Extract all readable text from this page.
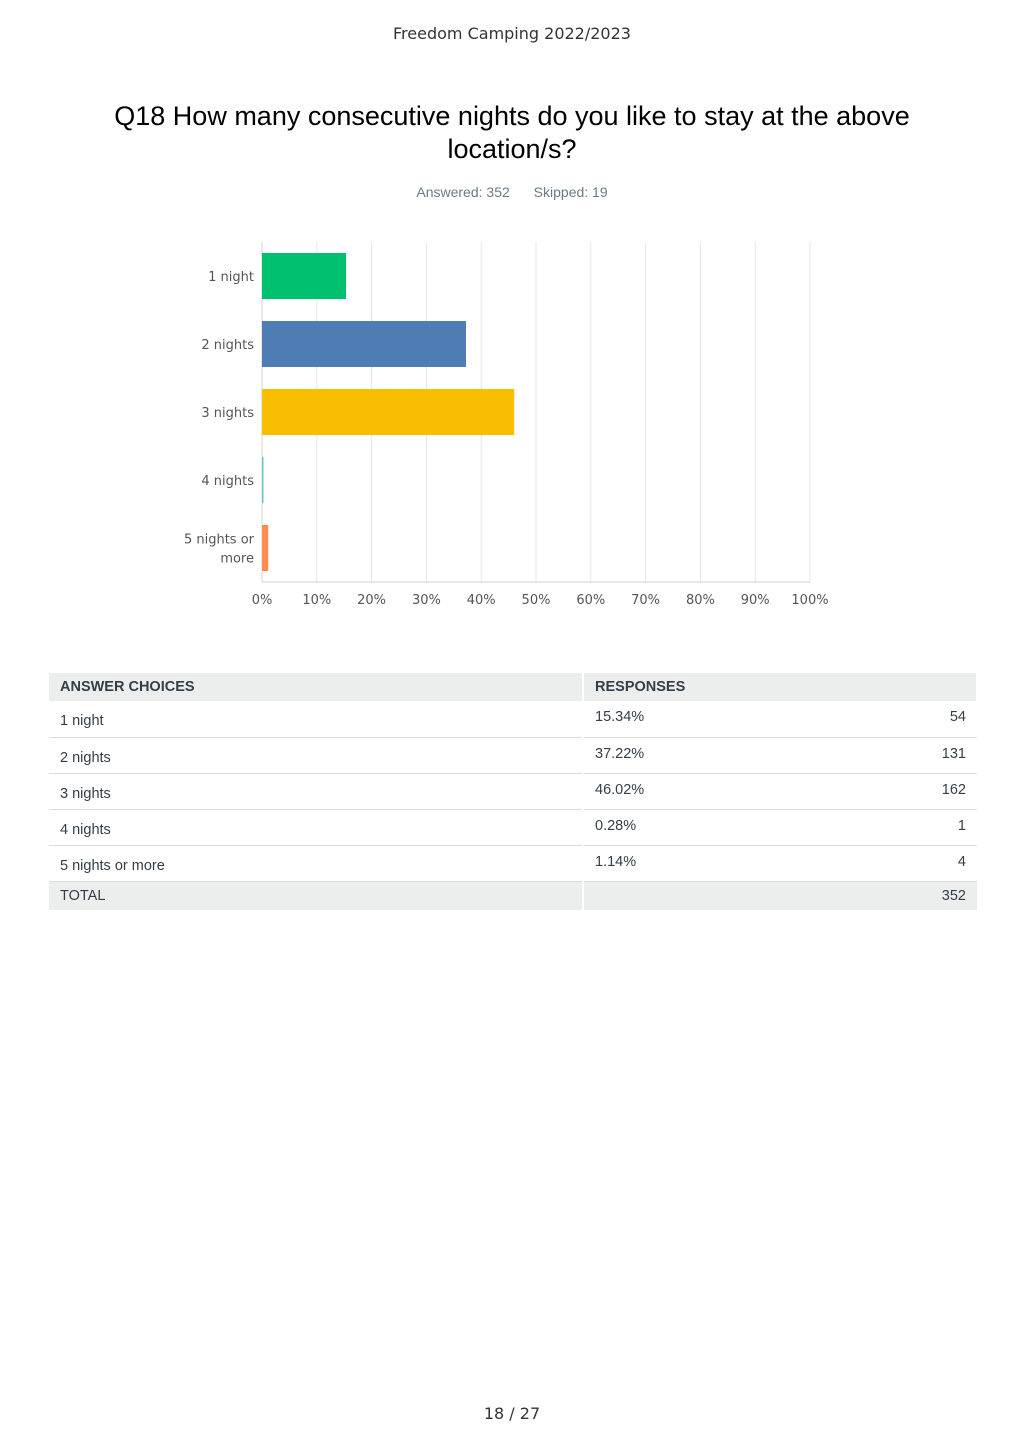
Freedom Camping 2022/2023
Q18 How many consecutive nights do you like to stay at the above location/s?
Answered: 352 Skipped: 19
0% 10% 20% 30% 40% 50% 60% 70% 80% 90% 100%
1 night
2 nights
3 nights
4 nights
5 nights or
more
ANSWER CHOICES	RESPONSES
1 night	15.34% 54

2 nights	37.22% 131

3 nights	46.02% 162

4 nights	0.28% 1

5 nights or more	1.14% 4

TOTAL	352
18 / 27
